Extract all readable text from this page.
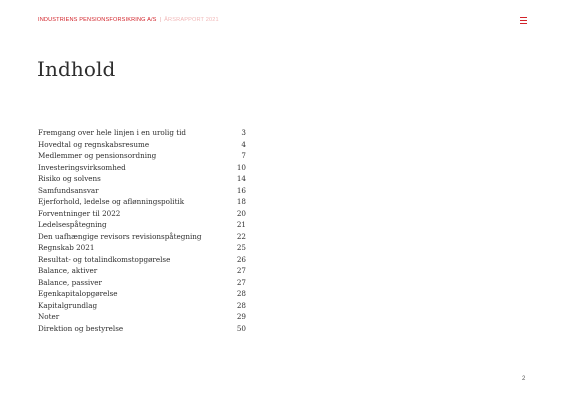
INDUSTRIENS PENSIONSFORSIKRING A/S | ÅRSRAPPORT 2021
Indhold
Fremgang over hele linjen i en urolig tid	3
Hovedtal og regnskabsresume	4
Medlemmer og pensionsordning	7
Investeringsvirksomhed	10
Risiko og solvens	14
Samfundsansvar	16
Ejerforhold, ledelse og aflønningspolitik	18
Forventninger til 2022	20
Ledelsespåtegning	21
Den uafhængige revisors revisionspåtegning	22
Regnskab 2021	25
Resultat- og totalindkomstopgørelse	26
Balance, aktiver	27
Balance, passiver	27
Egenkapitalopgørelse	28
Kapitalgrundlag	28
Noter	29
Direktion og bestyrelse	50
2
